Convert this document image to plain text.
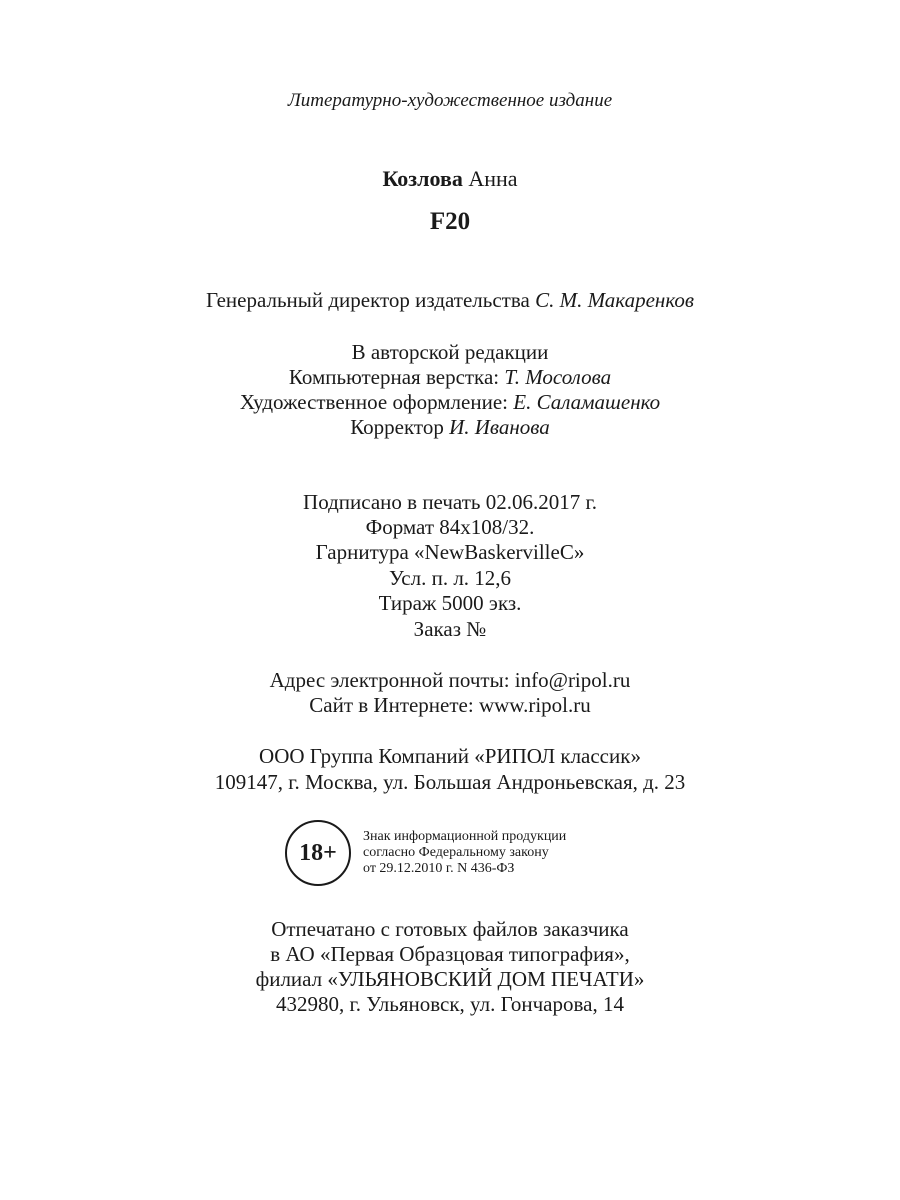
Литературно-художественное издание
Козлова Анна
F20
Генеральный директор издательства С. М. Макаренков
В авторской редакции
Компьютерная верстка: Т. Мосолова
Художественное оформление: Е. Саламашенко
Корректор И. Иванова
Подписано в печать 02.06.2017 г.
Формат 84x108/32.
Гарнитура «NewBaskervilleC»
Усл. п. л. 12,6
Тираж 5000 экз.
Заказ №
Адрес электронной почты: info@ripol.ru
Сайт в Интернете: www.ripol.ru
ООО Группа Компаний «РИПОЛ классик»
109147, г. Москва, ул. Большая Андроньевская, д. 23
18+
Знак информационной продукции
согласно Федеральному закону
от 29.12.2010 г. N 436-ФЗ
Отпечатано с готовых файлов заказчика
в АО «Первая Образцовая типография»,
филиал «УЛЬЯНОВСКИЙ ДОМ ПЕЧАТИ»
432980, г. Ульяновск, ул. Гончарова, 14
